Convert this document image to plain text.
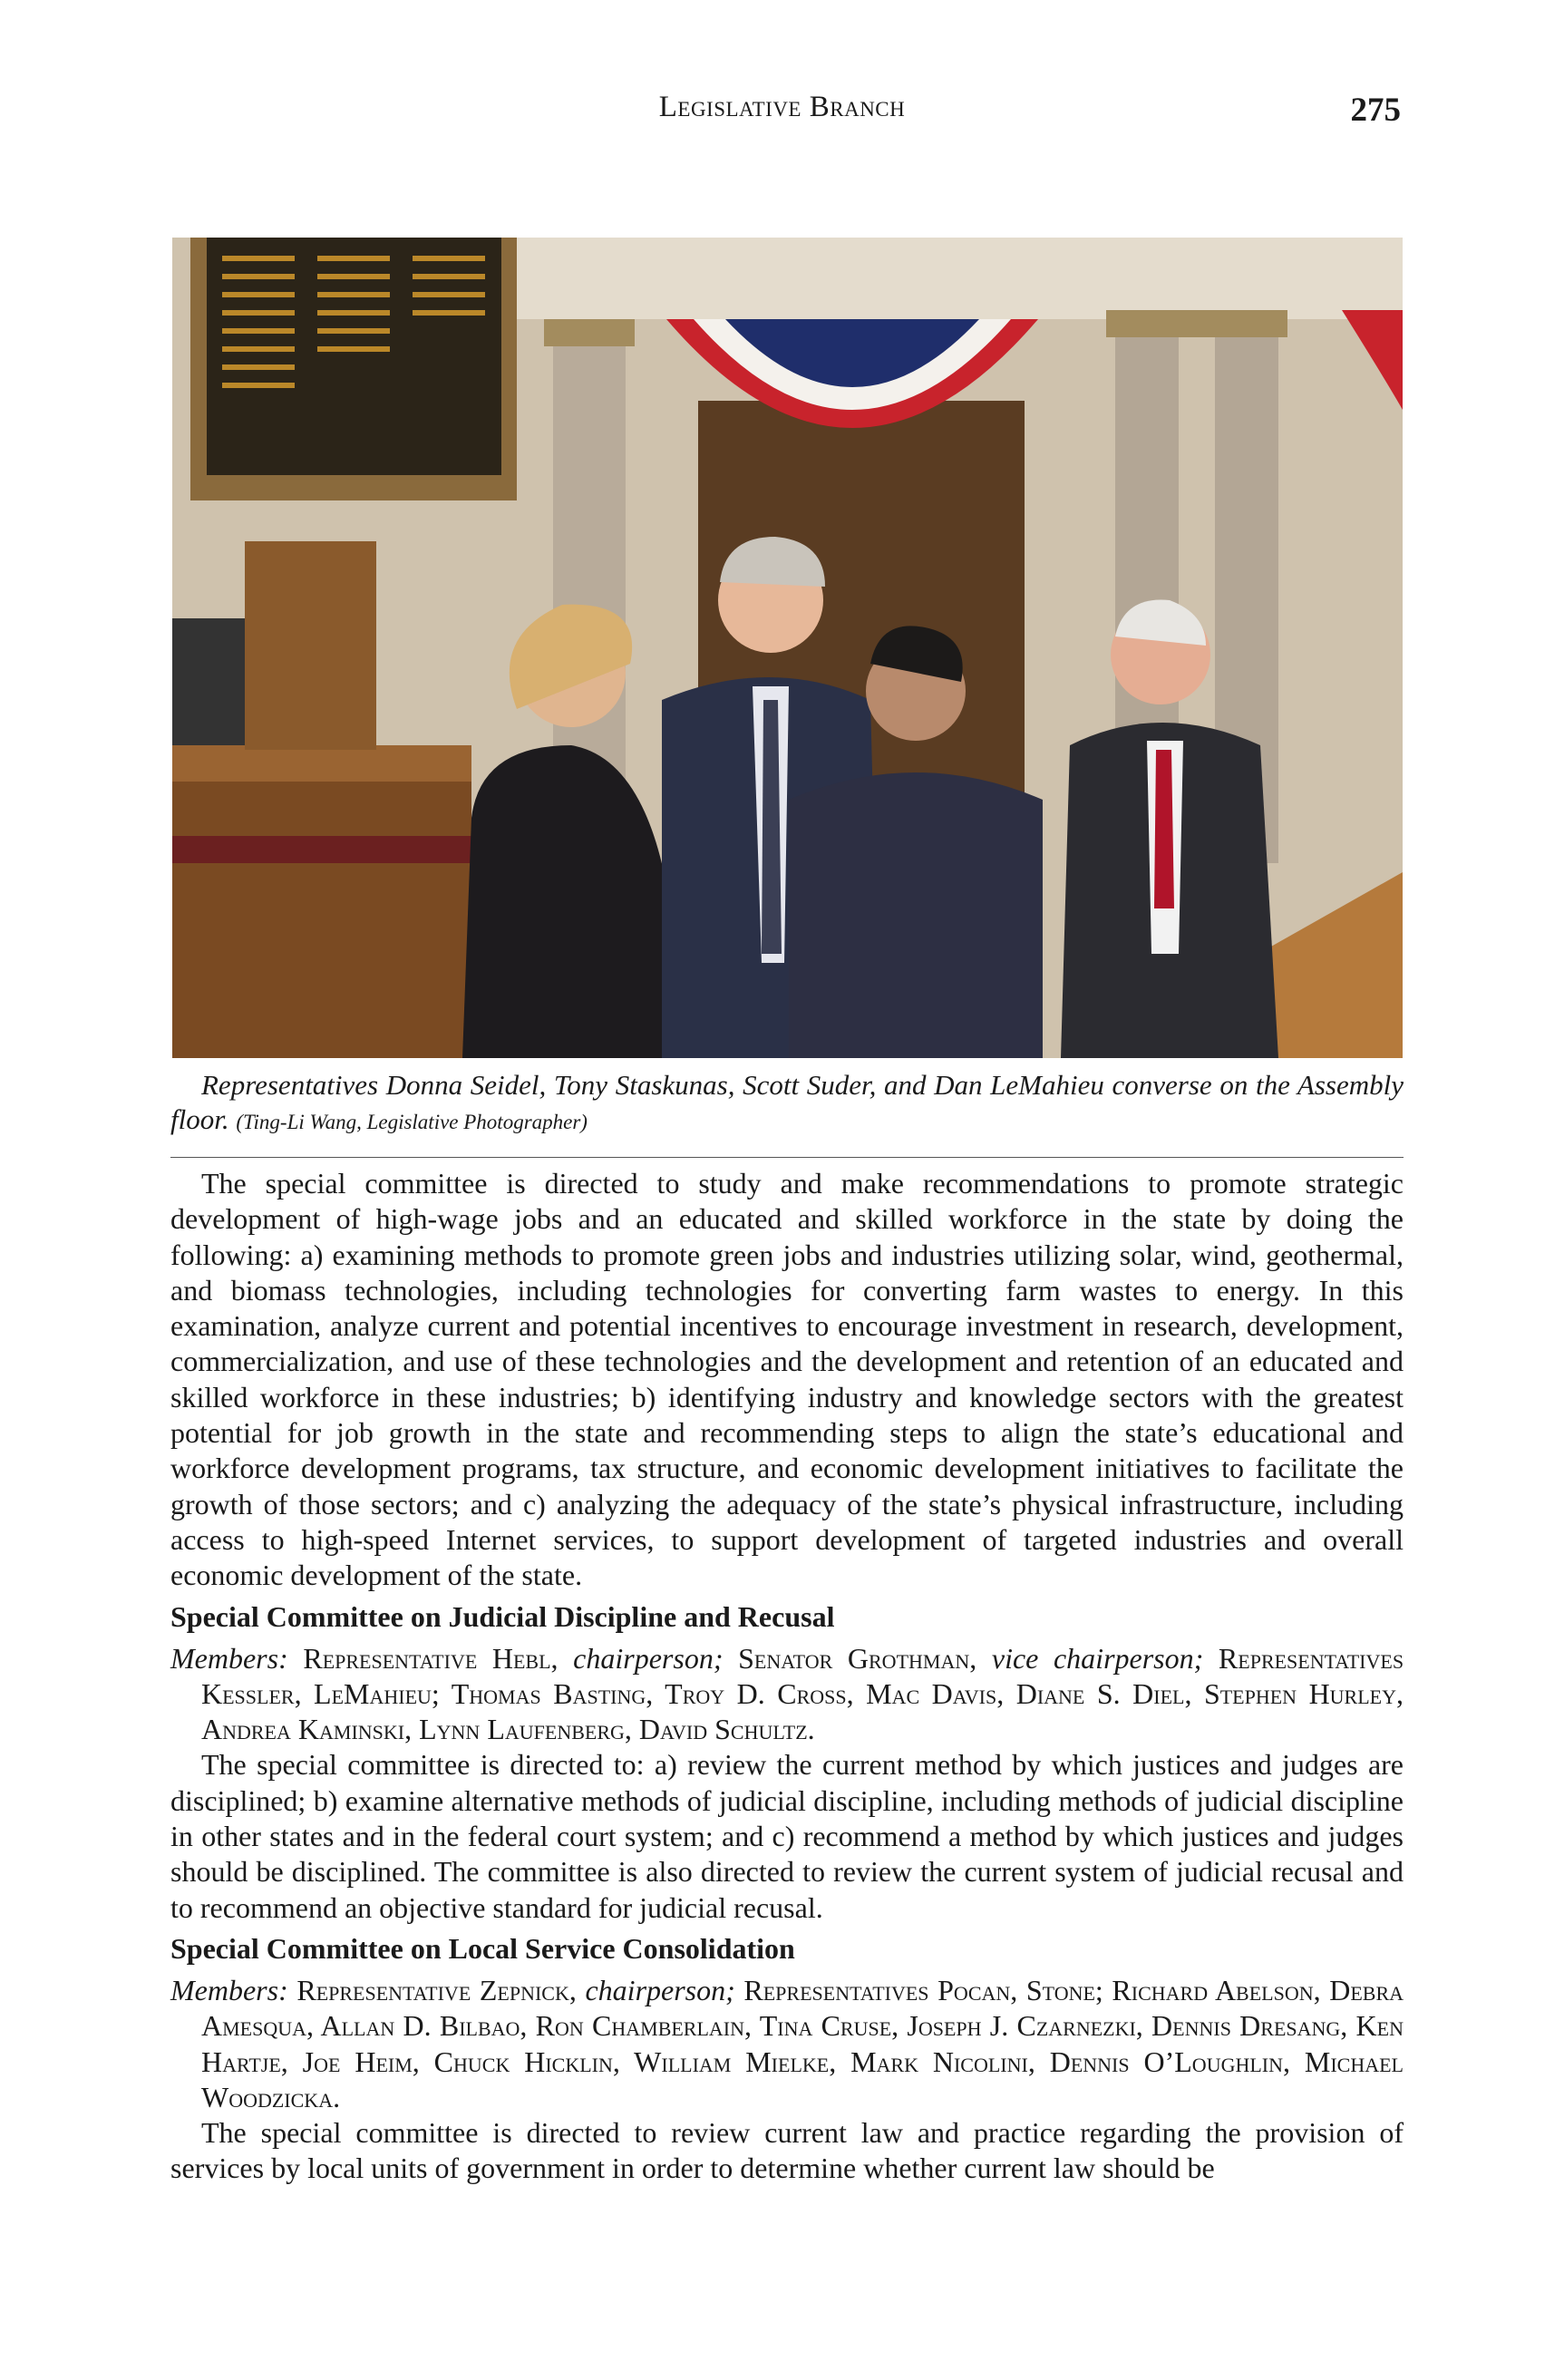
Legislative Branch	275
Representatives Donna Seidel, Tony Staskunas, Scott Suder, and Dan LeMahieu converse on the Assembly floor. (Ting-Li Wang, Legislative Photographer)

The special committee is directed to study and make recommendations to promote strategic development of high-wage jobs and an educated and skilled workforce in the state by doing the following: a) examining methods to promote green jobs and industries utilizing solar, wind, geothermal, and biomass technologies, including technologies for converting farm wastes to energy. In this examination, analyze current and potential incentives to encourage investment in research, development, commercialization, and use of these technologies and the development and retention of an educated and skilled workforce in these industries; b) identifying industry and knowledge sectors with the greatest potential for job growth in the state and recommending steps to align the state’s educational and workforce development programs, tax structure, and economic development initiatives to facilitate the growth of those sectors; and c) analyzing the adequacy of the state’s physical infrastructure, including access to high-speed Internet services, to support development of targeted industries and overall economic development of the state.

Special Committee on Judicial Discipline and Recusal

Members: Representative Hebl, chairperson; Senator Grothman, vice chairperson; Representatives Kessler, LeMahieu; Thomas Basting, Troy D. Cross, Mac Davis, Diane S. Diel, Stephen Hurley, Andrea Kaminski, Lynn Laufenberg, David Schultz.

The special committee is directed to: a) review the current method by which justices and judges are disciplined; b) examine alternative methods of judicial discipline, including methods of judicial discipline in other states and in the federal court system; and c) recommend a method by which justices and judges should be disciplined. The committee is also directed to review the current system of judicial recusal and to recommend an objective standard for judicial recusal.

Special Committee on Local Service Consolidation

Members: Representative Zepnick, chairperson; Representatives Pocan, Stone; Richard Abelson, Debra Amesqua, Allan D. Bilbao, Ron Chamberlain, Tina Cruse, Joseph J. Czarnezki, Dennis Dresang, Ken Hartje, Joe Heim, Chuck Hicklin, William Mielke, Mark Nicolini, Dennis O’Loughlin, Michael Woodzicka.

The special committee is directed to review current law and practice regarding the provision of services by local units of government in order to determine whether current law should be
